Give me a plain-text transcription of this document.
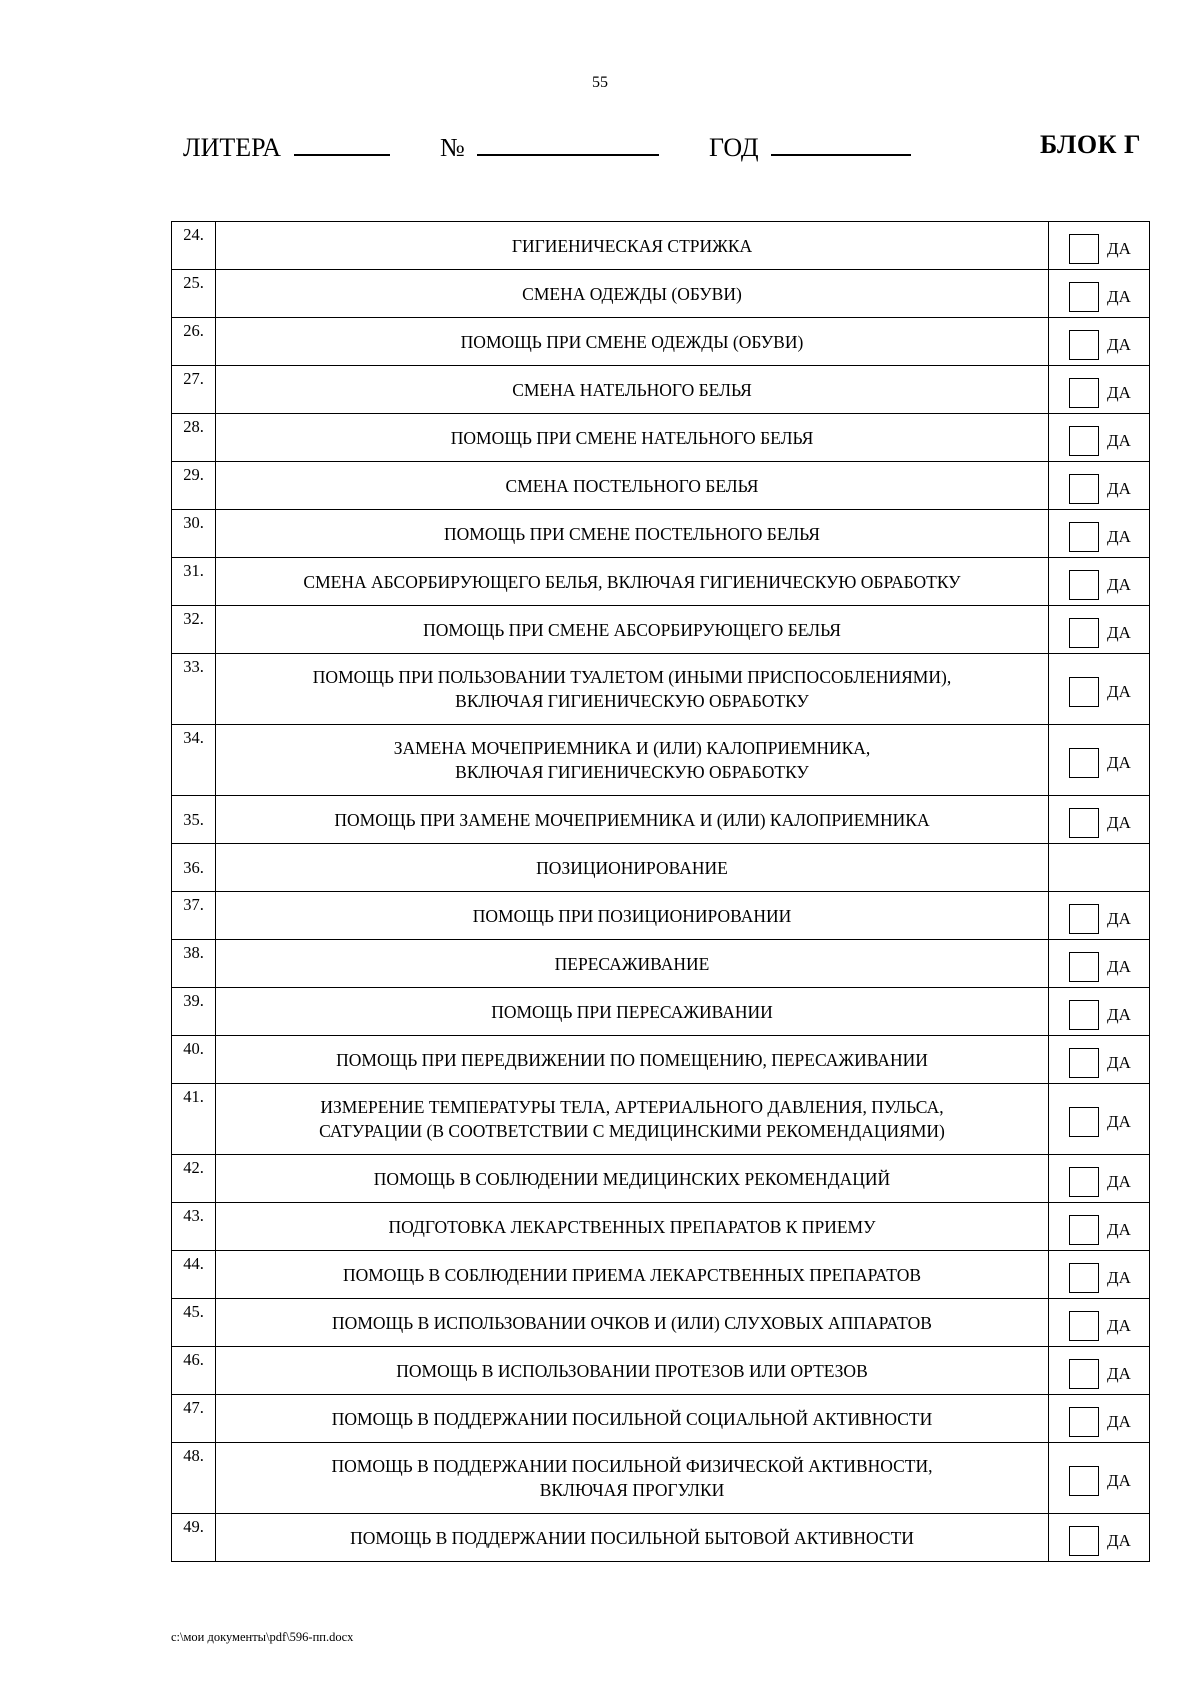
55
ЛИТЕРА	№	ГОД	БЛОК Г
24.	ГИГИЕНИЧЕСКАЯ СТРИЖКА	ДА

25.	СМЕНА ОДЕЖДЫ (ОБУВИ)	ДА

26.	ПОМОЩЬ ПРИ СМЕНЕ ОДЕЖДЫ (ОБУВИ)	ДА

27.	СМЕНА НАТЕЛЬНОГО БЕЛЬЯ	ДА

28.	ПОМОЩЬ ПРИ СМЕНЕ НАТЕЛЬНОГО БЕЛЬЯ	ДА

29.	СМЕНА ПОСТЕЛЬНОГО БЕЛЬЯ	ДА

30.	ПОМОЩЬ ПРИ СМЕНЕ ПОСТЕЛЬНОГО БЕЛЬЯ	ДА

31.	СМЕНА АБСОРБИРУЮЩЕГО БЕЛЬЯ, ВКЛЮЧАЯ ГИГИЕНИЧЕСКУЮ ОБРАБОТКУ	ДА

32.	ПОМОЩЬ ПРИ СМЕНЕ АБСОРБИРУЮЩЕГО БЕЛЬЯ	ДА

33.	ПОМОЩЬ ПРИ ПОЛЬЗОВАНИИ ТУАЛЕТОМ (ИНЫМИ ПРИСПОСОБЛЕНИЯМИ),
ВКЛЮЧАЯ ГИГИЕНИЧЕСКУЮ ОБРАБОТКУ	ДА

34.	ЗАМЕНА МОЧЕПРИЕМНИКА И (ИЛИ) КАЛОПРИЕМНИКА,
ВКЛЮЧАЯ ГИГИЕНИЧЕСКУЮ ОБРАБОТКУ	ДА

35.	ПОМОЩЬ ПРИ ЗАМЕНЕ МОЧЕПРИЕМНИКА И (ИЛИ) КАЛОПРИЕМНИКА	ДА

36.	ПОЗИЦИОНИРОВАНИЕ	

37.	ПОМОЩЬ ПРИ ПОЗИЦИОНИРОВАНИИ	ДА

38.	ПЕРЕСАЖИВАНИЕ	ДА

39.	ПОМОЩЬ ПРИ ПЕРЕСАЖИВАНИИ	ДА

40.	ПОМОЩЬ ПРИ ПЕРЕДВИЖЕНИИ ПО ПОМЕЩЕНИЮ, ПЕРЕСАЖИВАНИИ	ДА

41.	ИЗМЕРЕНИЕ ТЕМПЕРАТУРЫ ТЕЛА, АРТЕРИАЛЬНОГО ДАВЛЕНИЯ, ПУЛЬСА,
САТУРАЦИИ (В СООТВЕТСТВИИ С МЕДИЦИНСКИМИ РЕКОМЕНДАЦИЯМИ)	ДА

42.	ПОМОЩЬ В СОБЛЮДЕНИИ МЕДИЦИНСКИХ РЕКОМЕНДАЦИЙ	ДА

43.	ПОДГОТОВКА ЛЕКАРСТВЕННЫХ ПРЕПАРАТОВ К ПРИЕМУ	ДА

44.	ПОМОЩЬ В СОБЛЮДЕНИИ ПРИЕМА ЛЕКАРСТВЕННЫХ ПРЕПАРАТОВ	ДА

45.	ПОМОЩЬ В ИСПОЛЬЗОВАНИИ ОЧКОВ И (ИЛИ) СЛУХОВЫХ АППАРАТОВ	ДА

46.	ПОМОЩЬ В ИСПОЛЬЗОВАНИИ ПРОТЕЗОВ ИЛИ ОРТЕЗОВ	ДА

47.	ПОМОЩЬ В ПОДДЕРЖАНИИ ПОСИЛЬНОЙ СОЦИАЛЬНОЙ АКТИВНОСТИ	ДА

48.	ПОМОЩЬ В ПОДДЕРЖАНИИ ПОСИЛЬНОЙ ФИЗИЧЕСКОЙ АКТИВНОСТИ,
ВКЛЮЧАЯ ПРОГУЛКИ	ДА

49.	ПОМОЩЬ В ПОДДЕРЖАНИИ ПОСИЛЬНОЙ БЫТОВОЙ АКТИВНОСТИ	ДА
c:\мои документы\pdf\596-пп.docx
